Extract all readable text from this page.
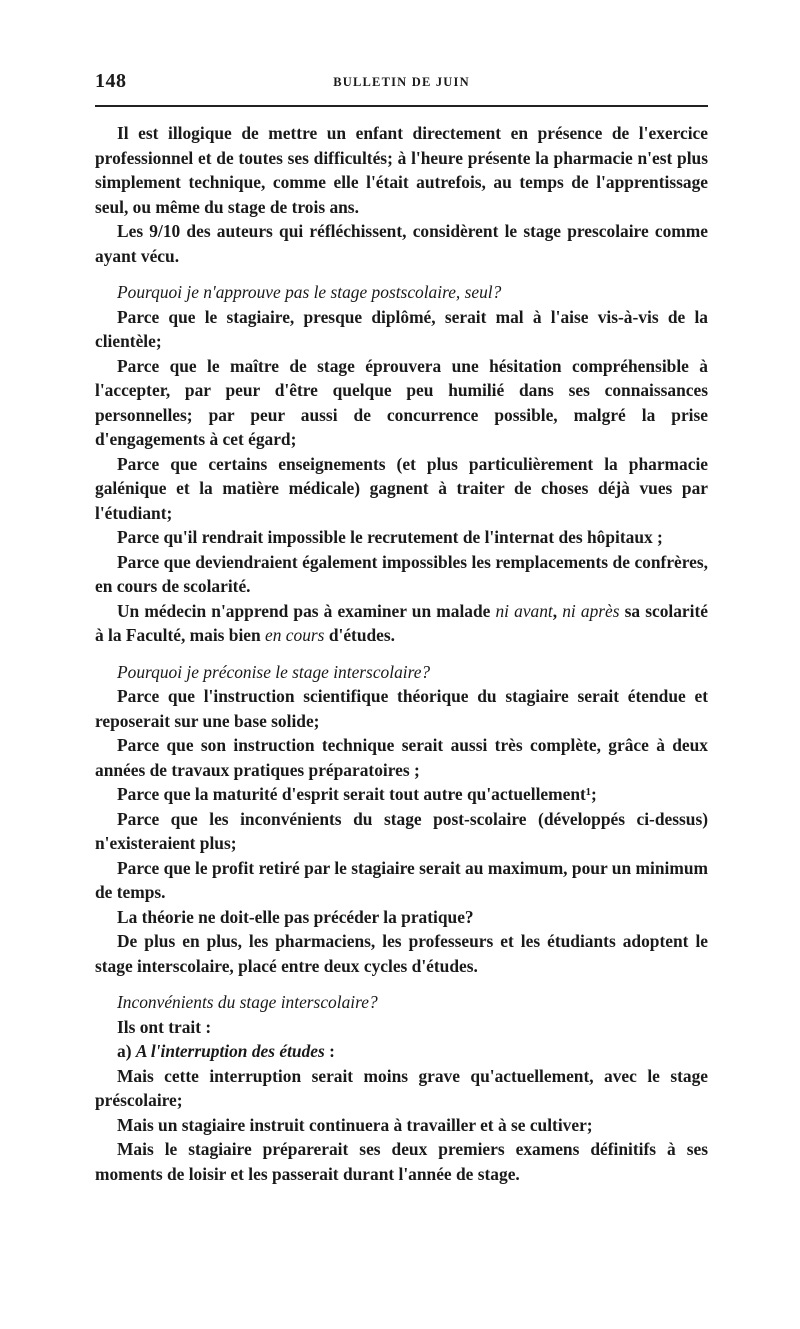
148	BULLETIN DE JUIN

Il est illogique de mettre un enfant directement en présence de l'exercice professionnel et de toutes ses difficultés; à l'heure présente la pharmacie n'est plus simplement technique, comme elle l'était autrefois, au temps de l'apprentissage seul, ou même du stage de trois ans.

Les 9/10 des auteurs qui réfléchissent, considèrent le stage prescolaire comme ayant vécu.

Pourquoi je n'approuve pas le stage postscolaire, seul?

Parce que le stagiaire, presque diplômé, serait mal à l'aise vis-à-vis de la clientèle;

Parce que le maître de stage éprouvera une hésitation compréhensible à l'accepter, par peur d'être quelque peu humilié dans ses connaissances personnelles; par peur aussi de concurrence possible, malgré la prise d'engagements à cet égard;

Parce que certains enseignements (et plus particulièrement la pharmacie galénique et la matière médicale) gagnent à traiter de choses déjà vues par l'étudiant;

Parce qu'il rendrait impossible le recrutement de l'internat des hôpitaux ;

Parce que deviendraient également impossibles les remplacements de confrères, en cours de scolarité.

Un médecin n'apprend pas à examiner un malade ni avant, ni après sa scolarité à la Faculté, mais bien en cours d'études.

Pourquoi je préconise le stage interscolaire?

Parce que l'instruction scientifique théorique du stagiaire serait étendue et reposerait sur une base solide;

Parce que son instruction technique serait aussi très complète, grâce à deux années de travaux pratiques préparatoires ;

Parce que la maturité d'esprit serait tout autre qu'actuellement¹;

Parce que les inconvénients du stage post-scolaire (développés ci-dessus) n'existeraient plus;

Parce que le profit retiré par le stagiaire serait au maximum, pour un minimum de temps.

La théorie ne doit-elle pas précéder la pratique?

De plus en plus, les pharmaciens, les professeurs et les étudiants adoptent le stage interscolaire, placé entre deux cycles d'études.

Inconvénients du stage interscolaire?

Ils ont trait :

a) A l'interruption des études :

Mais cette interruption serait moins grave qu'actuellement, avec le stage préscolaire;

Mais un stagiaire instruit continuera à travailler et à se cultiver;

Mais le stagiaire préparerait ses deux premiers examens définitifs à ses moments de loisir et les passerait durant l'année de stage.
